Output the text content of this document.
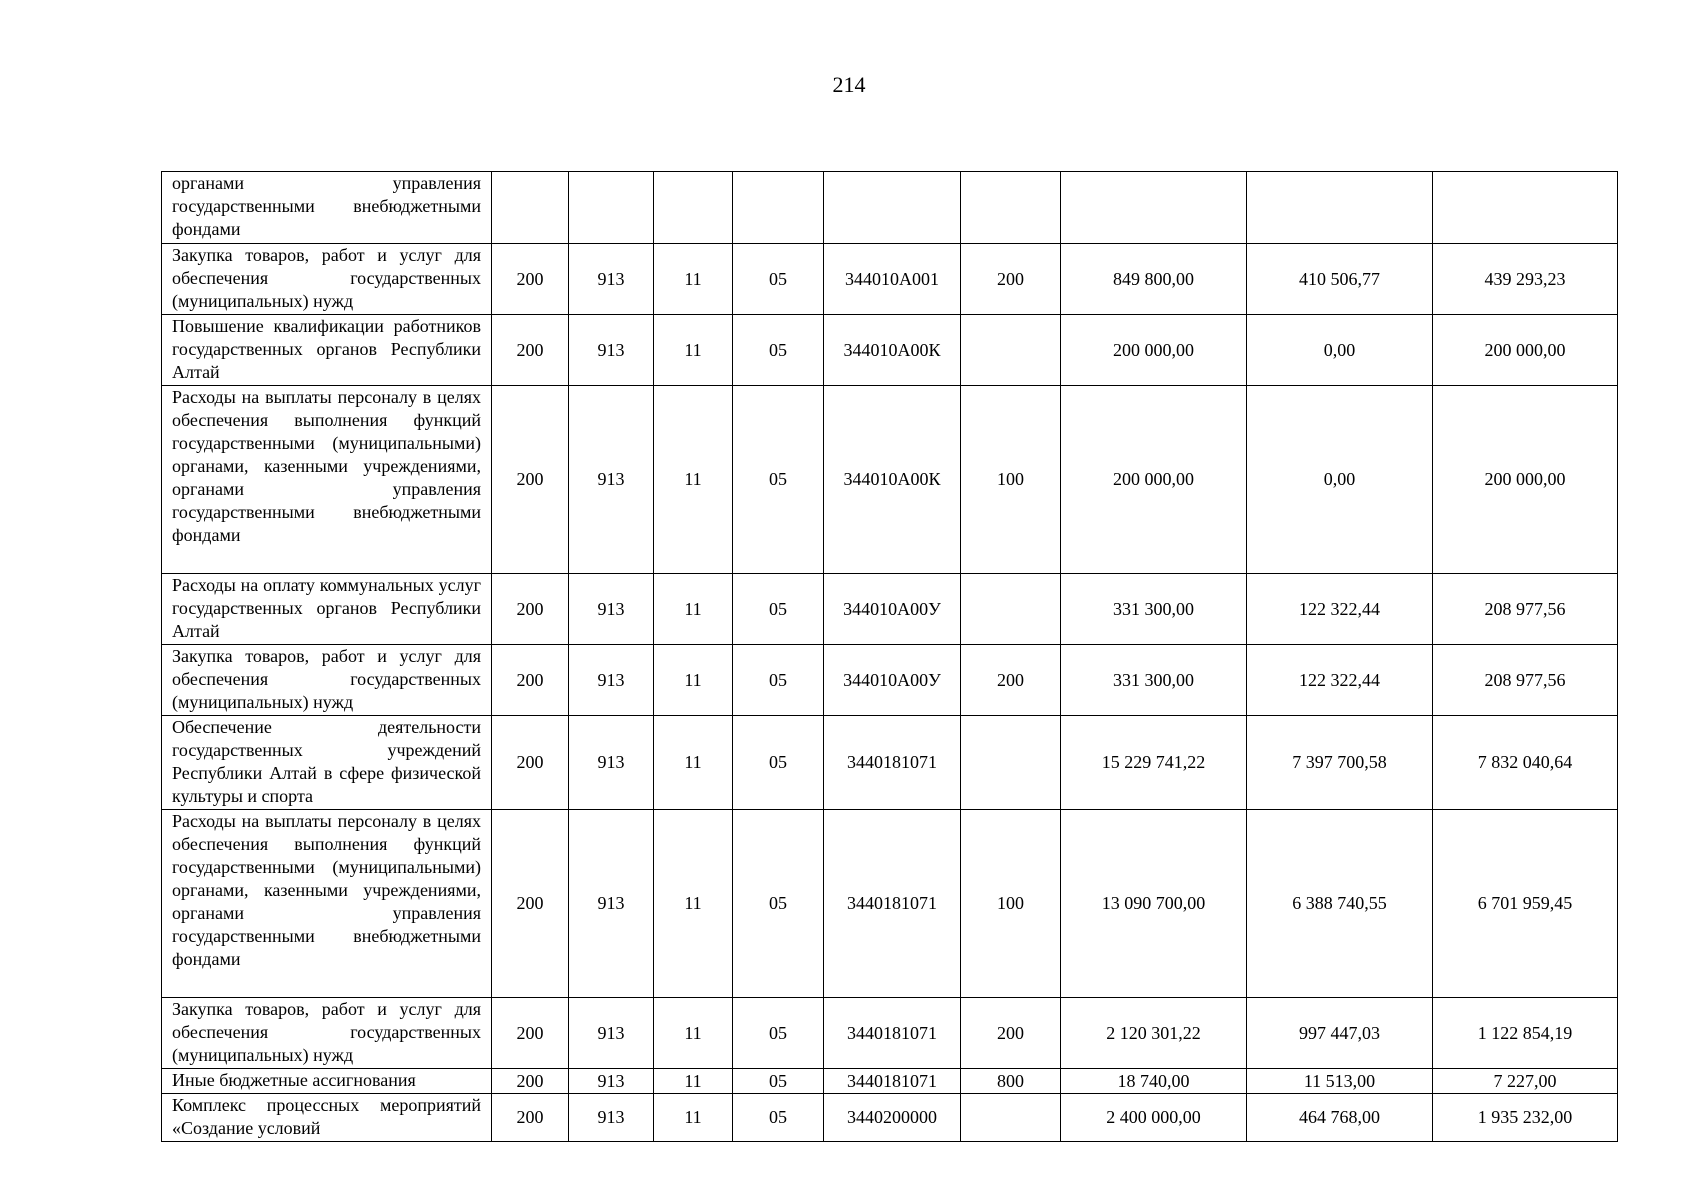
214
органами управления государственными внебюджетными фондами									
Закупка товаров, работ и услуг для обеспечения государственных (муниципальных) нужд	200	913	11	05	344010А001	200	849 800,00	410 506,77	439 293,23
Повышение квалификации работников государственных органов Республики Алтай	200	913	11	05	344010А00К		200 000,00	0,00	200 000,00
Расходы на выплаты персоналу в целях обеспечения выполнения функций государственными (муниципальными) органами, казенными учреждениями, органами управления государственными внебюджетными фондами	200	913	11	05	344010А00К	100	200 000,00	0,00	200 000,00
Расходы на оплату коммунальных услуг государственных органов Республики Алтай	200	913	11	05	344010А00У		331 300,00	122 322,44	208 977,56
Закупка товаров, работ и услуг для обеспечения государственных (муниципальных) нужд	200	913	11	05	344010А00У	200	331 300,00	122 322,44	208 977,56
Обеспечение деятельности государственных учреждений Республики Алтай в сфере физической культуры и спорта	200	913	11	05	3440181071		15 229 741,22	7 397 700,58	7 832 040,64
Расходы на выплаты персоналу в целях обеспечения выполнения функций государственными (муниципальными) органами, казенными учреждениями, органами управления государственными внебюджетными фондами	200	913	11	05	3440181071	100	13 090 700,00	6 388 740,55	6 701 959,45
Закупка товаров, работ и услуг для обеспечения государственных (муниципальных) нужд	200	913	11	05	3440181071	200	2 120 301,22	997 447,03	1 122 854,19
Иные бюджетные ассигнования	200	913	11	05	3440181071	800	18 740,00	11 513,00	7 227,00
Комплекс процессных мероприятий «Создание условий	200	913	11	05	3440200000		2 400 000,00	464 768,00	1 935 232,00
